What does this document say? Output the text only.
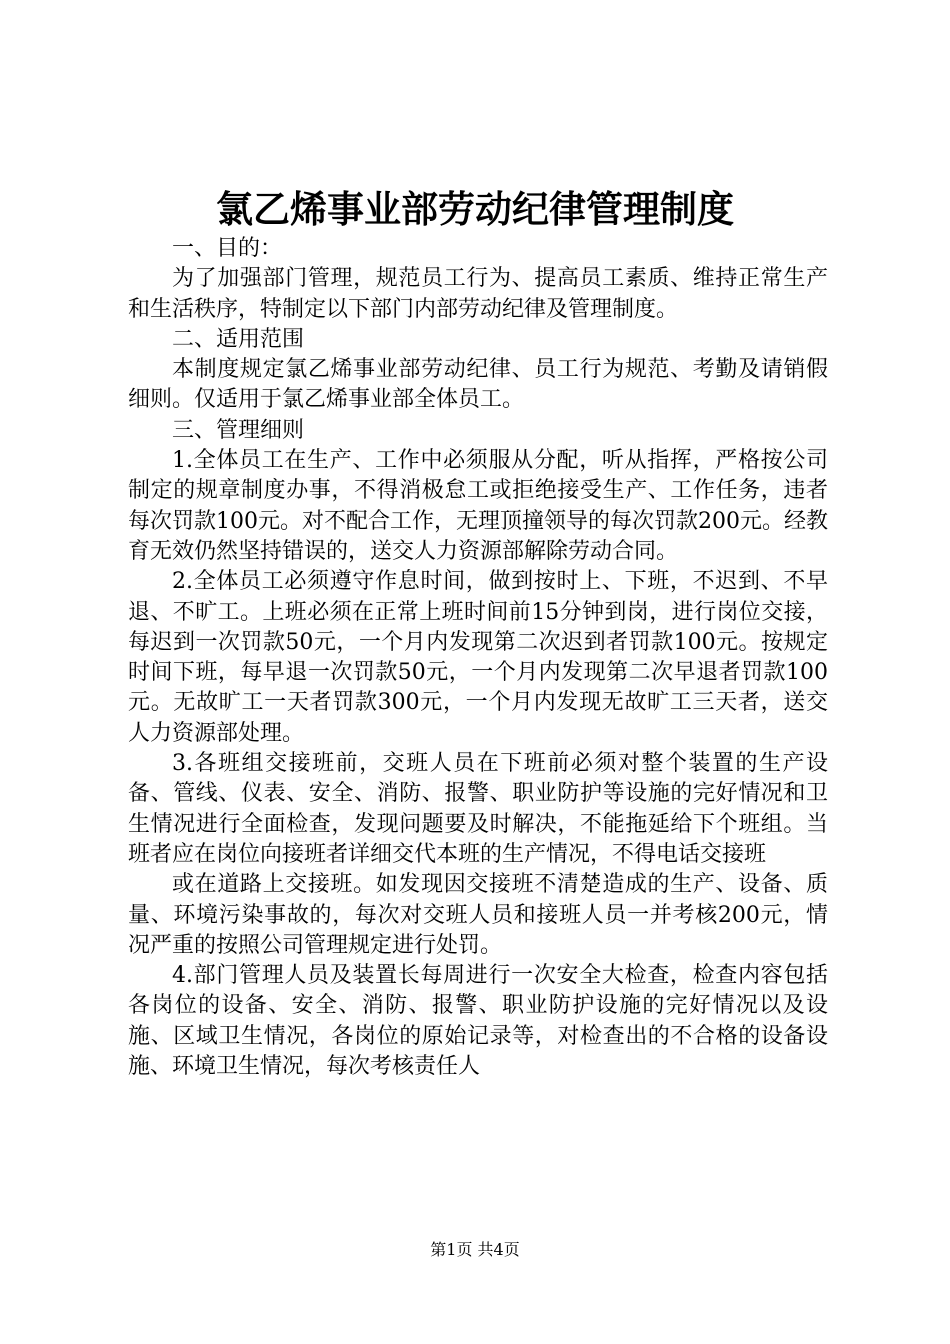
氯乙烯事业部劳动纪律管理制度

一、目的：

为了加强部门管理，规范员工行为、提高员工素质、维持正常生产和生活秩序，特制定以下部门内部劳动纪律及管理制度。

二、适用范围

本制度规定氯乙烯事业部劳动纪律、员工行为规范、考勤及请销假细则。仅适用于氯乙烯事业部全体员工。

三、管理细则

1.全体员工在生产、工作中必须服从分配，听从指挥，严格按公司制定的规章制度办事，不得消极怠工或拒绝接受生产、工作任务，违者每次罚款100元。对不配合工作，无理顶撞领导的每次罚款200元。经教育无效仍然坚持错误的，送交人力资源部解除劳动合同。

2.全体员工必须遵守作息时间，做到按时上、下班，不迟到、不早退、不旷工。上班必须在正常上班时间前15分钟到岗，进行岗位交接，每迟到一次罚款50元，一个月内发现第二次迟到者罚款100元。按规定时间下班，每早退一次罚款50元，一个月内发现第二次早退者罚款100元。无故旷工一天者罚款300元，一个月内发现无故旷工三天者，送交人力资源部处理。

3.各班组交接班前，交班人员在下班前必须对整个装置的生产设备、管线、仪表、安全、消防、报警、职业防护等设施的完好情况和卫生情况进行全面检查，发现问题要及时解决，不能拖延给下个班组。当班者应在岗位向接班者详细交代本班的生产情况，不得电话交接班

或在道路上交接班。如发现因交接班不清楚造成的生产、设备、质量、环境污染事故的，每次对交班人员和接班人员一并考核200元，情况严重的按照公司管理规定进行处罚。

4.部门管理人员及装置长每周进行一次安全大检查，检查内容包括各岗位的设备、安全、消防、报警、职业防护设施的完好情况以及设施、区域卫生情况，各岗位的原始记录等，对检查出的不合格的设备设施、环境卫生情况，每次考核责任人

第1页 共4页
